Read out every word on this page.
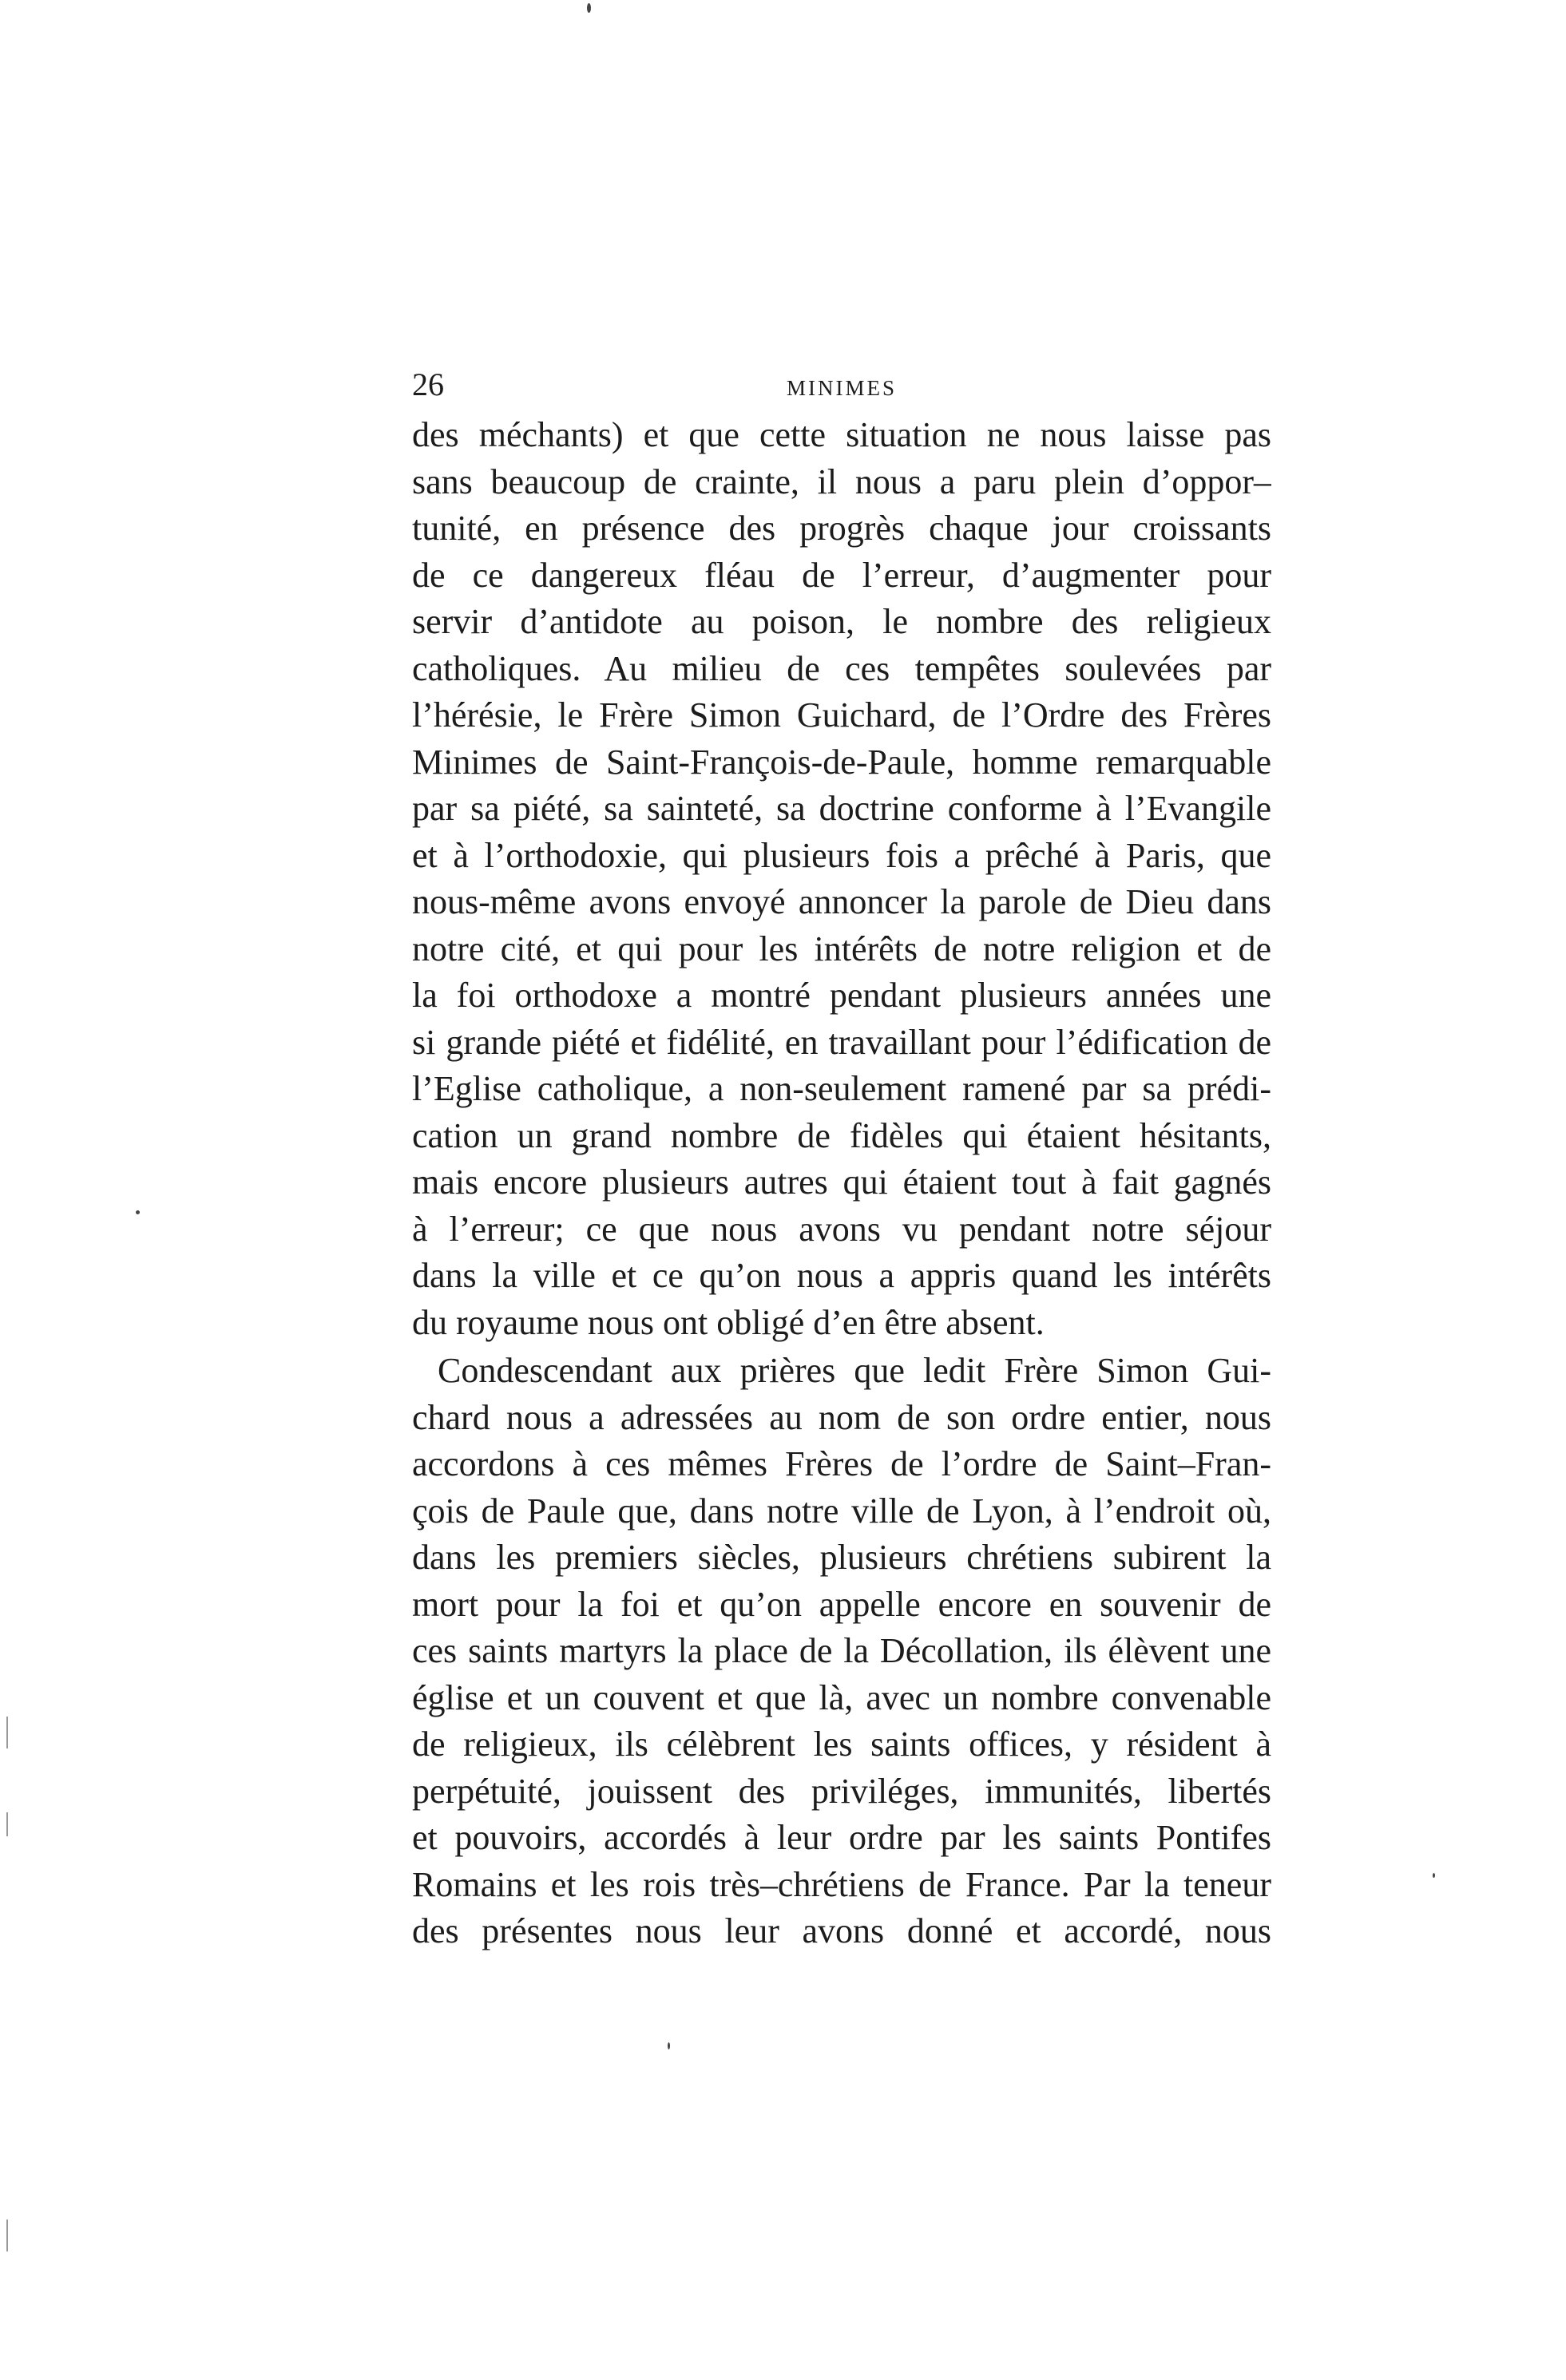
26	MINIMES
des méchants) et que cette situation ne nous laisse pas
sans beaucoup de crainte, il nous a paru plein d’oppor–
tunité, en présence des progrès chaque jour croissants
de ce dangereux fléau de l’erreur, d’augmenter pour
servir d’antidote au poison, le nombre des religieux
catholiques. Au milieu de ces tempêtes soulevées par
l’hérésie, le Frère Simon Guichard, de l’Ordre des Frères
Minimes de Saint-François-de-Paule, homme remarquable
par sa piété, sa sainteté, sa doctrine conforme à l’Evangile
et à l’orthodoxie, qui plusieurs fois a prêché à Paris, que
nous-même avons envoyé annoncer la parole de Dieu dans
notre cité, et qui pour les intérêts de notre religion et de
la foi orthodoxe a montré pendant plusieurs années une
si grande piété et fidélité, en travaillant pour l’édification de
l’Eglise catholique, a non-seulement ramené par sa prédi-
cation un grand nombre de fidèles qui étaient hésitants,
mais encore plusieurs autres qui étaient tout à fait gagnés
à l’erreur; ce que nous avons vu pendant notre séjour
dans la ville et ce qu’on nous a appris quand les intérêts
du royaume nous ont obligé d’en être absent.
Condescendant aux prières que ledit Frère Simon Gui-
chard nous a adressées au nom de son ordre entier, nous
accordons à ces mêmes Frères de l’ordre de Saint–Fran-
çois de Paule que, dans notre ville de Lyon, à l’endroit où,
dans les premiers siècles, plusieurs chrétiens subirent la
mort pour la foi et qu’on appelle encore en souvenir de
ces saints martyrs la place de la Décollation, ils élèvent une
église et un couvent et que là, avec un nombre convenable
de religieux, ils célèbrent les saints offices, y résident à
perpétuité, jouissent des priviléges, immunités, libertés
et pouvoirs, accordés à leur ordre par les saints Pontifes
Romains et les rois très–chrétiens de France. Par la teneur
des présentes nous leur avons donné et accordé, nous
